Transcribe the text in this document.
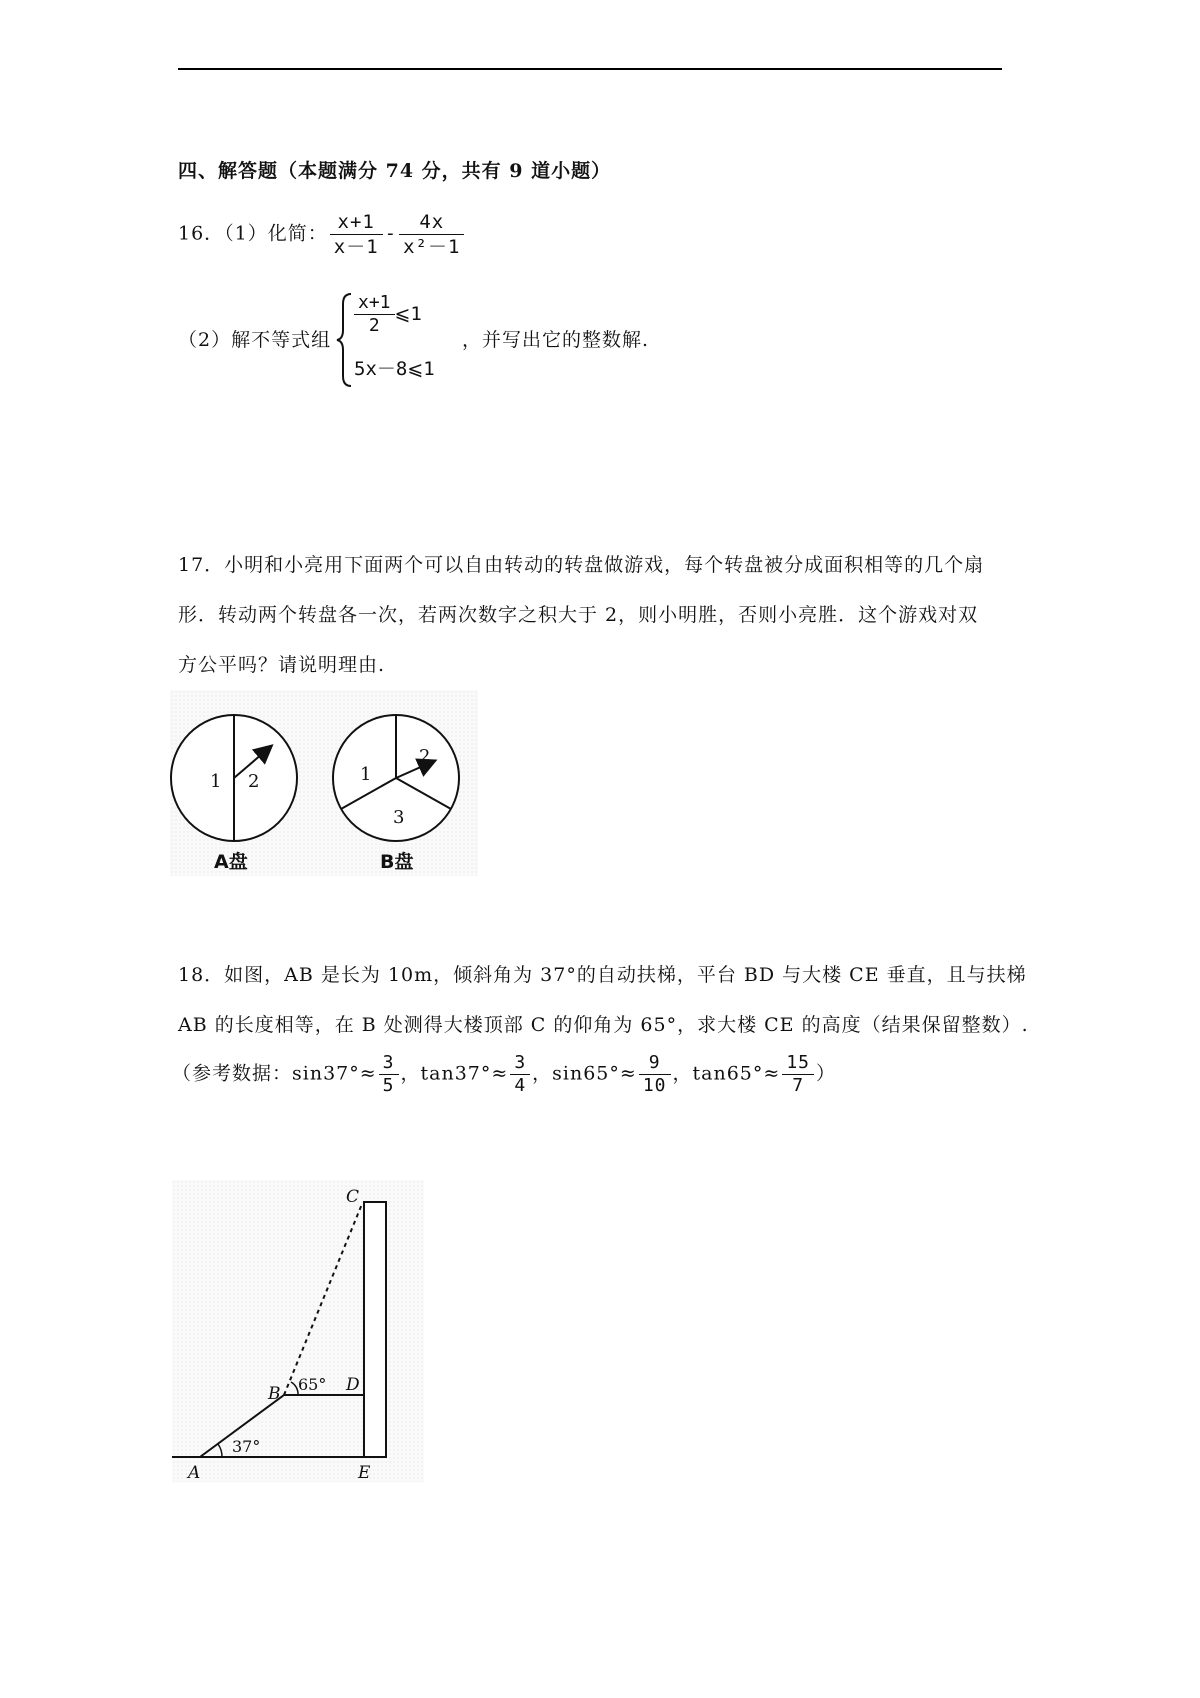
四、解答题（本题满分 74 分，共有 9 道小题）
16．（1）化简： $\frac{x+1}{x-1} - \frac{4x}{\text{x²－1}}$
（2）解不等式组
$\frac{x+1}{2}$ ⩽1
5x－8⩽1
，并写出它的整数解.
17．小明和小亮用下面两个可以自由转动的转盘做游戏，每个转盘被分成面积相等的几个扇
形．转动两个转盘各一次，若两次数字之积大于 2，则小明胜，否则小亮胜．这个游戏对双
方公平吗？请说明理由.
1 2
A盘
1
2
3
B盘
18．如图，AB 是长为 10m，倾斜角为 37°的自动扶梯，平台 BD 与大楼 CE 垂直，且与扶梯
AB 的长度相等，在 B 处测得大楼顶部 C 的仰角为 65°，求大楼 CE 的高度（结果保留整数）.
（参考数据：$\sin 37^\circ\approx \frac{3}{5}$ ，$\tan 37^\circ\approx \frac{3}{4}$ ，$\sin 65^\circ\approx \frac{9}{10}$ ，$\tan 65^\circ\approx \frac{15}{7}$ ）
37°
65°
A
B
C
D
E
